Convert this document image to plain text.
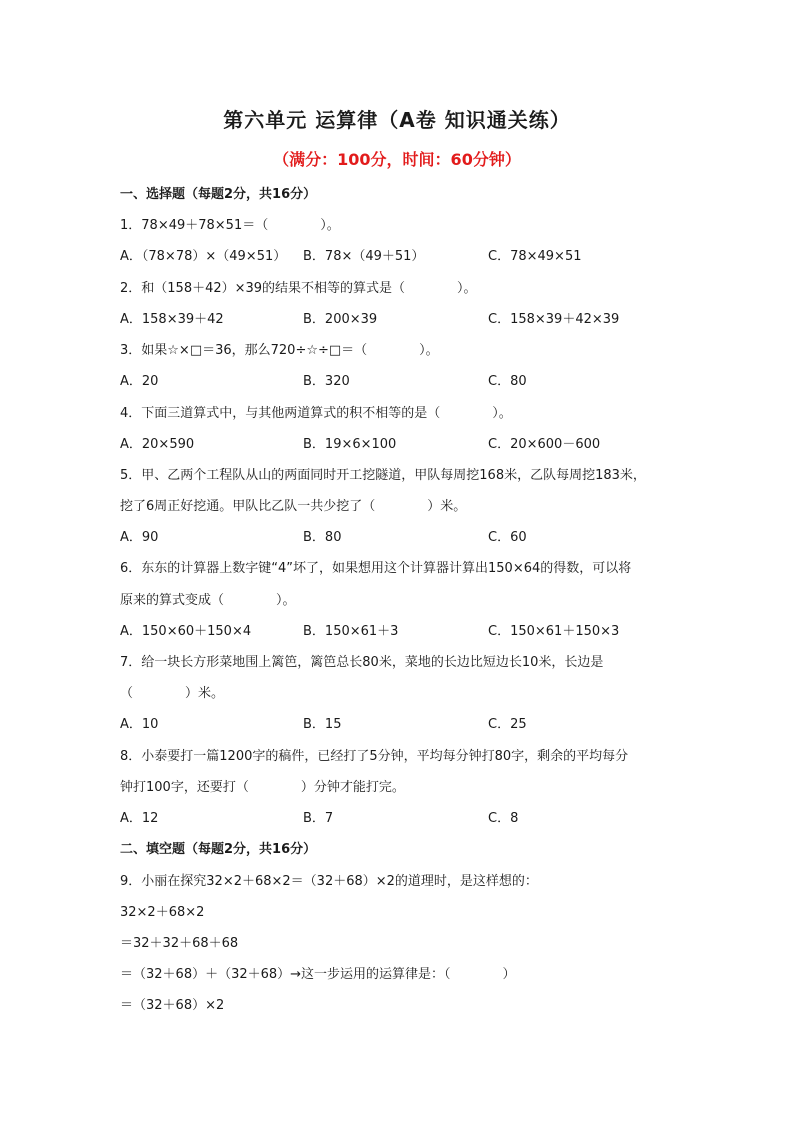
第六单元 运算律（A卷 知识通关练）
（满分：100分，时间：60分钟）
一、选择题（每题2分，共16分）
1．78×49＋78×51＝（　　　　）。
A．（78×78）×（49×51） B．78×（49＋51）	C．78×49×51
2．和（158＋42）×39的结果不相等的算式是（　　　　）。
A．158×39＋42	B．200×39	C．158×39＋42×39
3．如果☆×□＝36，那么720÷☆÷□＝（　　　　）。
A．20	B．320	C．80
4．下面三道算式中，与其他两道算式的积不相等的是（　　　　）。
A．20×590	B．19×6×100	C．20×600－600
5．甲、乙两个工程队从山的两面同时开工挖隧道，甲队每周挖168米，乙队每周挖183米，
挖了6周正好挖通。甲队比乙队一共少挖了（　　　　）米。
A．90	B．80	C．60
6．东东的计算器上数字键“4”坏了，如果想用这个计算器计算出150×64的得数，可以将
原来的算式变成（　　　　）。
A．150×60＋150×4	B．150×61＋3	C．150×61＋150×3
7．给一块长方形菜地围上篱笆，篱笆总长80米，菜地的长边比短边长10米，长边是
（　　　　）米。
A．10	B．15	C．25
8．小泰要打一篇1200字的稿件，已经打了5分钟，平均每分钟打80字，剩余的平均每分
钟打100字，还要打（　　　　）分钟才能打完。
A．12	B．7	C．8
二、填空题（每题2分，共16分）
9．小丽在探究32×2＋68×2＝（32＋68）×2的道理时，是这样想的：
32×2＋68×2
＝32＋32＋68＋68
＝（32＋68）＋（32＋68）→这一步运用的运算律是：（　　　　）
＝（32＋68）×2
